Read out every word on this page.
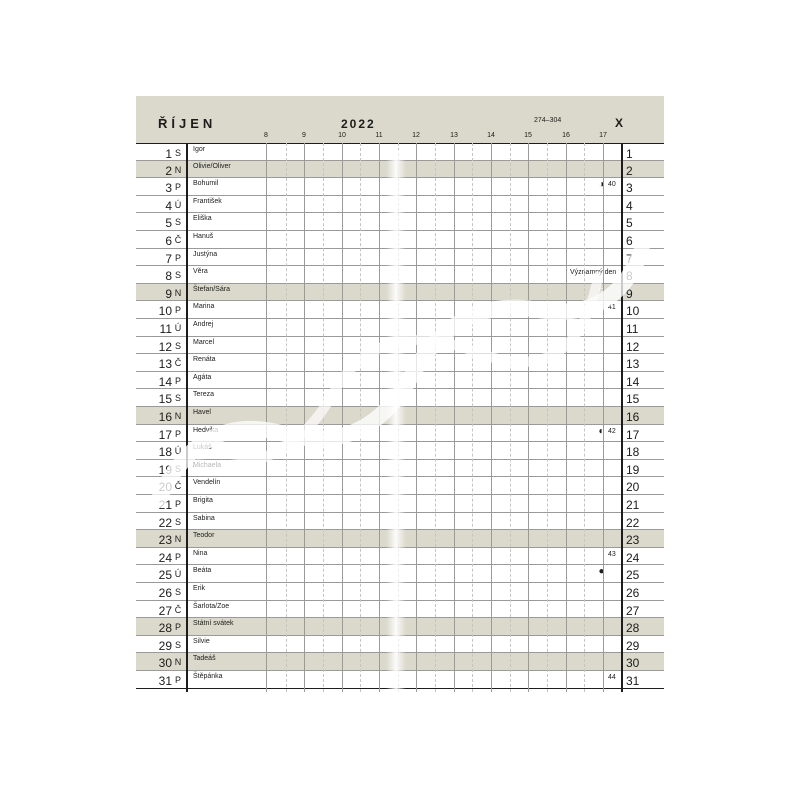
ŘÍJEN	2022	274–304	X
8	9	10	11	12	13	14	15	16	17
1 S Igor	1
2 N Olivie/Oliver	2
3 P Bohumil	3
40
◑
4 Ú František	4
5 S Eliška	5
6 Č Hanuš	6
7 P Justýna	7
8 S Věra	8
Významný den
9 N Štefan/Sára	9
○
10 P Marina	10
41
11 Ú Andrej	11
12 S Marcel	12
13 Č Renáta	13
14 P Agáta	14
15 S Tereza	15
16 N Havel	16
17 P Hedvika	17
42
◐
18 Ú Lukáš	18
19 S Michaela	19
20 Č Vendelín	20
21 P Brigita	21
22 S Sabina	22
23 N Teodor	23
24 P Nina	24
43
25 Ú Beáta	25
●
26 S Erik	26
27 Č Šarlota/Zoe	27
28 P Státní svátek	28
29 S Silvie	29
30 N Tadeáš	30
31 P Štěpánka	31
44
